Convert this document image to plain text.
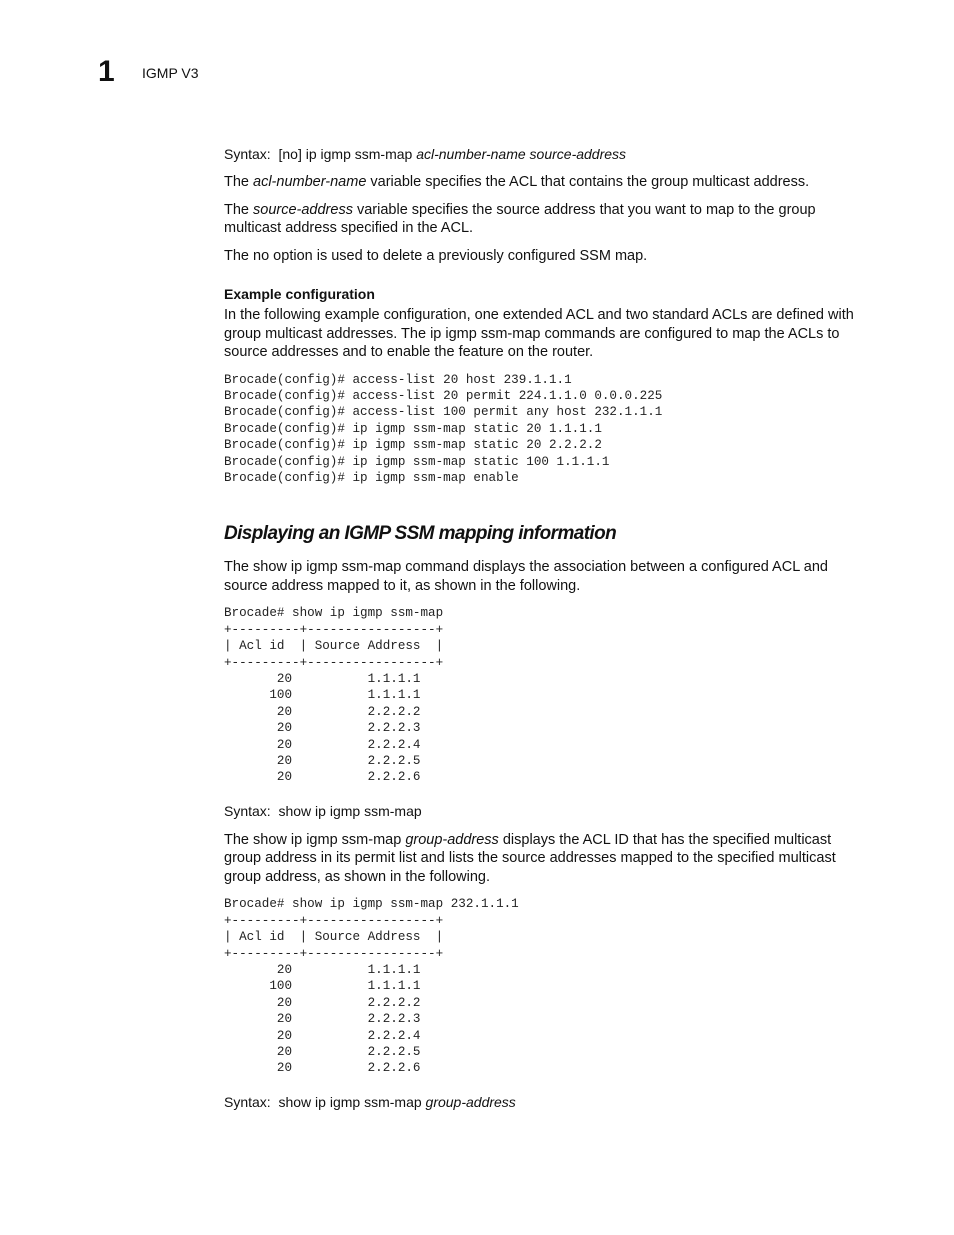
1 IGMP V3

Syntax: [no] ip igmp ssm-map acl-number-name source-address

The acl-number-name variable specifies the ACL that contains the group multicast address.

The source-address variable specifies the source address that you want to map to the group multicast address specified in the ACL.

The no option is used to delete a previously configured SSM map.

Example configuration

In the following example configuration, one extended ACL and two standard ACLs are defined with group multicast addresses. The ip igmp ssm-map commands are configured to map the ACLs to source addresses and to enable the feature on the router.

Brocade(config)# access-list 20 host 239.1.1.1
Brocade(config)# access-list 20 permit 224.1.1.0 0.0.0.225
Brocade(config)# access-list 100 permit any host 232.1.1.1
Brocade(config)# ip igmp ssm-map static 20 1.1.1.1
Brocade(config)# ip igmp ssm-map static 20 2.2.2.2
Brocade(config)# ip igmp ssm-map static 100 1.1.1.1
Brocade(config)# ip igmp ssm-map enable
Displaying an IGMP SSM mapping information

The show ip igmp ssm-map command displays the association between a configured ACL and source address mapped to it, as shown in the following.

Brocade# show ip igmp ssm-map
+---------+-----------------+
| Acl id  | Source Address  |
+---------+-----------------+
20          1.1.1.1
100          1.1.1.1
20          2.2.2.2
20          2.2.2.3
20          2.2.2.4
20          2.2.2.5
20          2.2.2.6

Syntax: show ip igmp ssm-map

The show ip igmp ssm-map group-address displays the ACL ID that has the specified multicast group address in its permit list and lists the source addresses mapped to the specified multicast group address, as shown in the following.

Brocade# show ip igmp ssm-map 232.1.1.1
+---------+-----------------+
| Acl id  | Source Address  |
+---------+-----------------+
20          1.1.1.1
100          1.1.1.1
20          2.2.2.2
20          2.2.2.3
20          2.2.2.4
20          2.2.2.5
20          2.2.2.6

Syntax: show ip igmp ssm-map group-address
